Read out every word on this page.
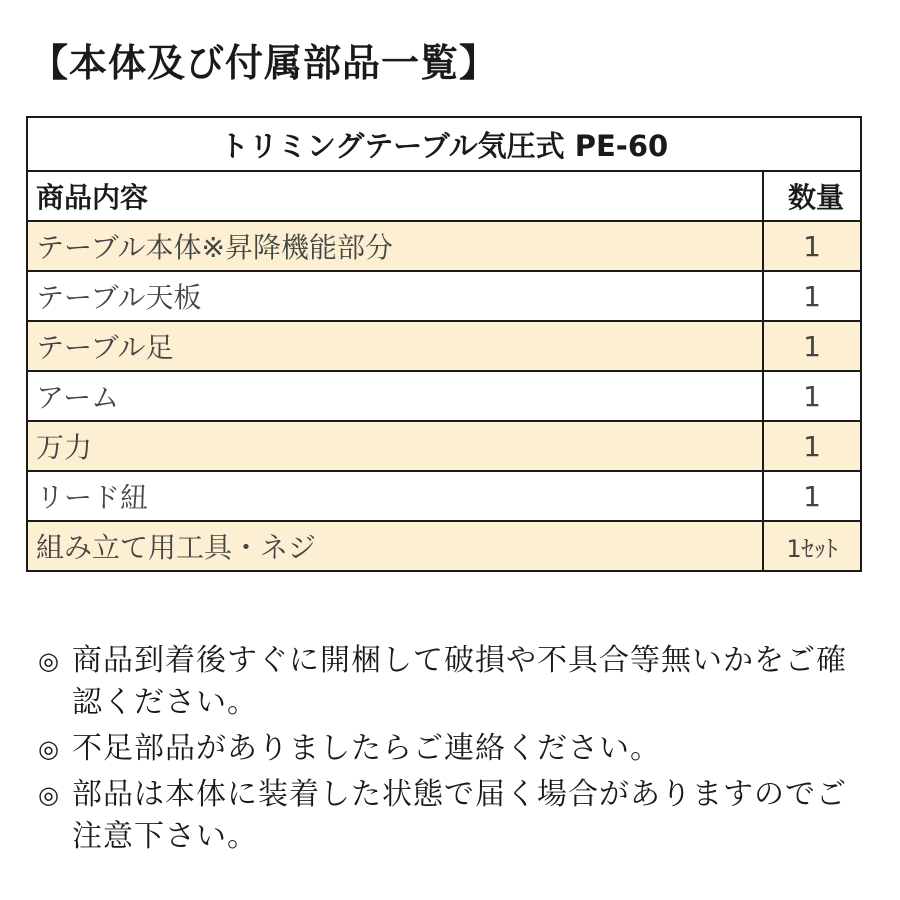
【本体及び付属部品一覧】
トリミングテーブル気圧式 PE-60	
商品内容	数量
テーブル本体※昇降機能部分	1
テーブル天板	1
テーブル足	1
アーム	1
万力	1
リード紐	1
組み立て用工具・ネジ	1ｾｯﾄ
◎ 商品到着後すぐに開梱して破損や不具合等無いかをご確認ください。
◎ 不足部品がありましたらご連絡ください。
◎ 部品は本体に装着した状態で届く場合がありますのでご注意下さい。
